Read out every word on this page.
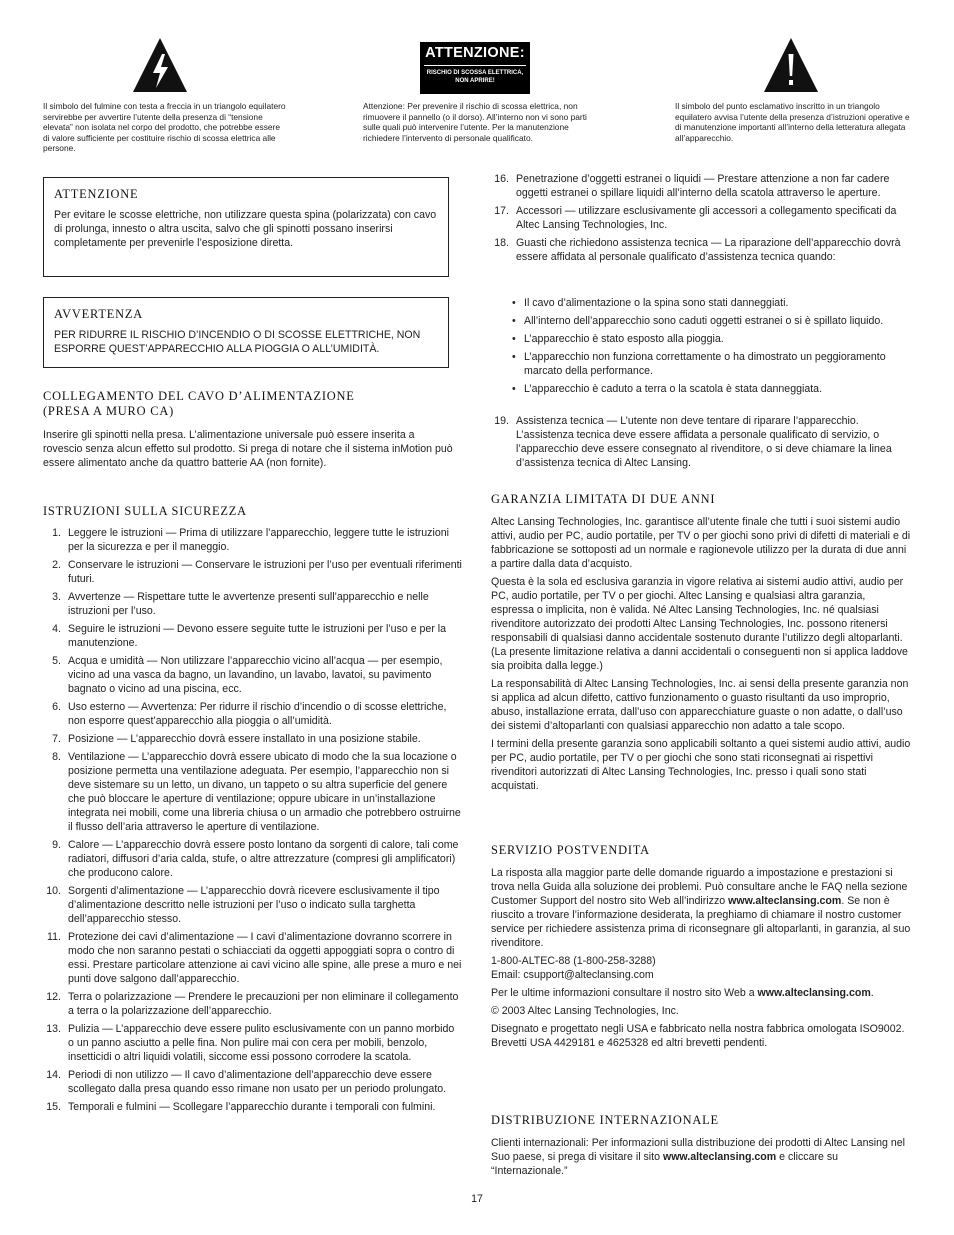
Il simbolo del fulmine con testa a freccia in un triangolo equilatero servirebbe per avvertire l’utente della presenza di “tensione elevata” non isolata nel corpo del prodotto, che potrebbe essere di valore sufficiente per costituire rischio di scossa elettrica alle persone.
ATTENZIONE:
RISCHIO DI SCOSSA ELETTRICA,
NON APRIRE!
Attenzione: Per prevenire il rischio di scossa elettrica, non rimuovere il pannello (o il dorso). All’interno non vi sono parti sulle quali può intervenire l’utente. Per la manutenzione richiedere l’intervento di personale qualificato.
Il simbolo del punto esclamativo inscritto in un triangolo equilatero avvisa l’utente della presenza d’istruzioni operative e di manutenzione importanti all’interno della letteratura allegata all’apparecchio.
ATTENZIONE
Per evitare le scosse elettriche, non utilizzare questa spina (polarizzata) con cavo di prolunga, innesto o altra uscita, salvo che gli spinotti possano inserirsi completamente per prevenirle l’esposizione diretta.
AVVERTENZA
PER RIDURRE IL RISCHIO D’INCENDIO O DI SCOSSE ELETTRICHE, NON ESPORRE QUEST’APPARECCHIO ALLA PIOGGIA O ALL’UMIDITÀ.
COLLEGAMENTO DEL CAVO D’ALIMENTAZIONE
(PRESA A MURO CA)
Inserire gli spinotti nella presa. L’alimentazione universale può essere inserita a rovescio senza alcun effetto sul prodotto. Si prega di notare che il sistema inMotion può essere alimentato anche da quattro batterie AA (non fornite).
ISTRUZIONI SULLA SICUREZZA
1. Leggere le istruzioni — Prima di utilizzare l’apparecchio, leggere tutte le istruzioni per la sicurezza e per il maneggio.
2. Conservare le istruzioni — Conservare le istruzioni per l’uso per eventuali riferimenti futuri.
3. Avvertenze — Rispettare tutte le avvertenze presenti sull’apparecchio e nelle istruzioni per l’uso.
4. Seguire le istruzioni — Devono essere seguite tutte le istruzioni per l’uso e per la manutenzione.
5. Acqua e umidità — Non utilizzare l’apparecchio vicino all’acqua — per esempio, vicino ad una vasca da bagno, un lavandino, un lavabo, lavatoi, su pavimento bagnato o vicino ad una piscina, ecc.
6. Uso esterno — Avvertenza: Per ridurre il rischio d’incendio o di scosse elettriche, non esporre quest’apparecchio alla pioggia o all’umidità.
7. Posizione — L’apparecchio dovrà essere installato in una posizione stabile.
8. Ventilazione — L’apparecchio dovrà essere ubicato di modo che la sua locazione o posizione permetta una ventilazione adeguata. Per esempio, l’apparecchio non si deve sistemare su un letto, un divano, un tappeto o su altra superficie del genere che può bloccare le aperture di ventilazione; oppure ubicare in un’installazione integrata nei mobili, come una libreria chiusa o un armadio che potrebbero ostruirne il flusso dell’aria attraverso le aperture di ventilazione.
9. Calore — L’apparecchio dovrà essere posto lontano da sorgenti di calore, tali come radiatori, diffusori d’aria calda, stufe, o altre attrezzature (compresi gli amplificatori) che producono calore.
10. Sorgenti d’alimentazione — L’apparecchio dovrà ricevere esclusivamente il tipo d’alimentazione descritto nelle istruzioni per l’uso o indicato sulla targhetta dell’apparecchio stesso.
11. Protezione dei cavi d’alimentazione — I cavi d’alimentazione dovranno scorrere in modo che non saranno pestati o schiacciati da oggetti appoggiati sopra o contro di essi. Prestare particolare attenzione ai cavi vicino alle spine, alle prese a muro e nei punti dove salgono dall’apparecchio.
12. Terra o polarizzazione — Prendere le precauzioni per non eliminare il collegamento a terra o la polarizzazione dell’apparecchio.
13. Pulizia — L’apparecchio deve essere pulito esclusivamente con un panno morbido o un panno asciutto a pelle fina. Non pulire mai con cera per mobili, benzolo, insetticidi o altri liquidi volatili, siccome essi possono corrodere la scatola.
14. Periodi di non utilizzo — Il cavo d’alimentazione dell’apparecchio deve essere scollegato dalla presa quando esso rimane non usato per un periodo prolungato.
15. Temporali e fulmini — Scollegare l’apparecchio durante i temporali con fulmini.
16. Penetrazione d’oggetti estranei o liquidi — Prestare attenzione a non far cadere oggetti estranei o spillare liquidi all’interno della scatola attraverso le aperture.
17. Accessori — utilizzare esclusivamente gli accessori a collegamento specificati da Altec Lansing Technologies, Inc.
18. Guasti che richiedono assistenza tecnica — La riparazione dell’apparecchio dovrà essere affidata al personale qualificato d’assistenza tecnica quando:
• Il cavo d’alimentazione o la spina sono stati danneggiati.
• All’interno dell’apparecchio sono caduti oggetti estranei o si è spillato liquido.
• L’apparecchio è stato esposto alla pioggia.
• L’apparecchio non funziona correttamente o ha dimostrato un peggioramento marcato della performance.
• L’apparecchio è caduto a terra o la scatola è stata danneggiata.
19. Assistenza tecnica — L’utente non deve tentare di riparare l’apparecchio. L’assistenza tecnica deve essere affidata a personale qualificato di servizio, o l’apparecchio deve essere consegnato al rivenditore, o si deve chiamare la linea d’assistenza tecnica di Altec Lansing.
GARANZIA LIMITATA DI DUE ANNI

Altec Lansing Technologies, Inc. garantisce all’utente finale che tutti i suoi sistemi audio attivi, audio per PC, audio portatile, per TV o per giochi sono privi di difetti di materiali e di fabbricazione se sottoposti ad un normale e ragionevole utilizzo per la durata di due anni a partire dalla data d’acquisto.

Questa è la sola ed esclusiva garanzia in vigore relativa ai sistemi audio attivi, audio per PC, audio portatile, per TV o per giochi. Altec Lansing e qualsiasi altra garanzia, espressa o implicita, non è valida. Né Altec Lansing Technologies, Inc. né qualsiasi rivenditore autorizzato dei prodotti Altec Lansing Technologies, Inc. possono ritenersi responsabili di qualsiasi danno accidentale sostenuto durante l’utilizzo degli altoparlanti. (La presente limitazione relativa a danni accidentali o conseguenti non si applica laddove sia proibita dalla legge.)

La responsabilità di Altec Lansing Technologies, Inc. ai sensi della presente garanzia non si applica ad alcun difetto, cattivo funzionamento o guasto risultanti da uso improprio, abuso, installazione errata, dall’uso con apparecchiature guaste o non adatte, o dall’uso dei sistemi d’altoparlanti con qualsiasi apparecchio non adatto a tale scopo.

I termini della presente garanzia sono applicabili soltanto a quei sistemi audio attivi, audio per PC, audio portatile, per TV o per giochi che sono stati riconsegnati ai rispettivi rivenditori autorizzati di Altec Lansing Technologies, Inc. presso i quali sono stati acquistati.

SERVIZIO POSTVENDITA

La risposta alla maggior parte delle domande riguardo a impostazione e prestazioni si trova nella Guida alla soluzione dei problemi. Può consultare anche le FAQ nella sezione Customer Support del nostro sito Web all’indirizzo www.alteclansing.com. Se non è riuscito a trovare l’informazione desiderata, la preghiamo di chiamare il nostro customer service per richiedere assistenza prima di riconsegnare gli altoparlanti, in garanzia, al suo rivenditore.

1-800-ALTEC-88 (1-800-258-3288)

Email: csupport@alteclansing.com

Per le ultime informazioni consultare il nostro sito Web a www.alteclansing.com.

© 2003 Altec Lansing Technologies, Inc.

Disegnato e progettato negli USA e fabbricato nella nostra fabbrica omologata ISO9002. Brevetti USA 4429181 e 4625328 ed altri brevetti pendenti.

DISTRIBUZIONE INTERNAZIONALE

Clienti internazionali: Per informazioni sulla distribuzione dei prodotti di Altec Lansing nel Suo paese, si prega di visitare il sito www.alteclansing.com e cliccare su “Internazionale.”

17
